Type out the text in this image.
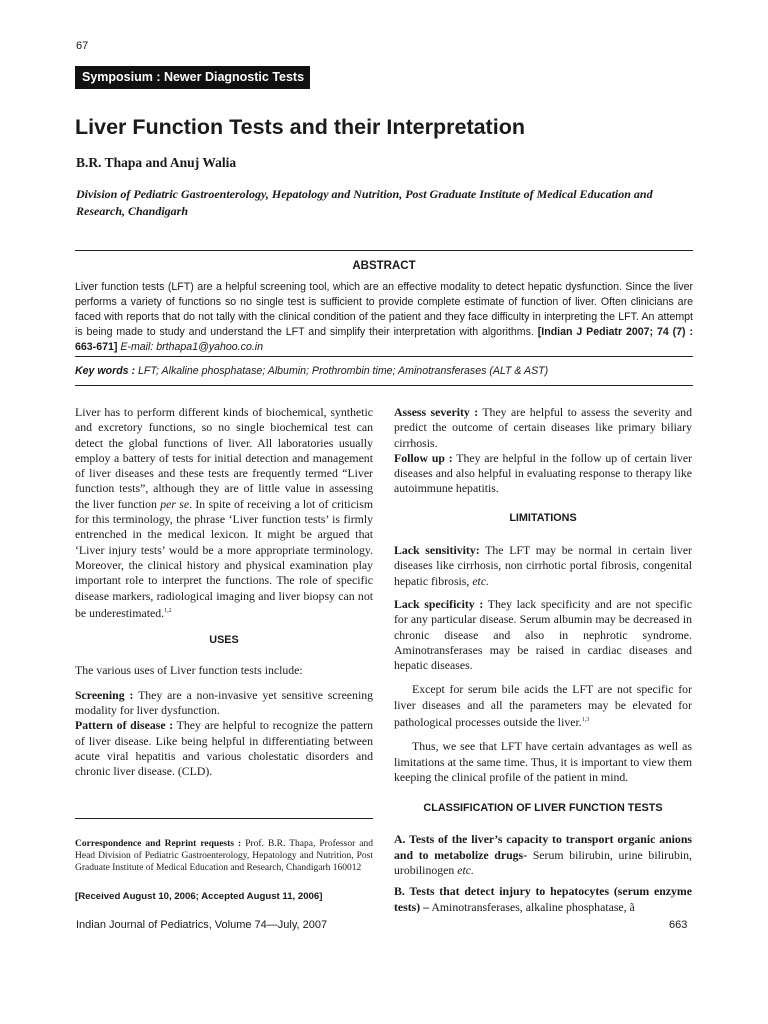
67
Symposium : Newer Diagnostic Tests
Liver Function Tests and their Interpretation
B.R. Thapa and Anuj Walia
Division of Pediatric Gastroenterology, Hepatology and Nutrition, Post Graduate Institute of Medical Education and Research, Chandigarh
ABSTRACT
Liver function tests (LFT) are a helpful screening tool, which are an effective modality to detect hepatic dysfunction. Since the liver performs a variety of functions so no single test is sufficient to provide complete estimate of function of liver. Often clinicians are faced with reports that do not tally with the clinical condition of the patient and they face difficulty in interpreting the LFT. An attempt is being made to study and understand the LFT and simplify their interpretation with algorithms. [Indian J Pediatr 2007; 74 (7) : 663-671] E-mail: brthapa1@yahoo.co.in
Key words : LFT; Alkaline phosphatase; Albumin; Prothrombin time; Aminotransferases (ALT & AST)

Liver has to perform different kinds of biochemical, synthetic and excretory functions, so no single biochemical test can detect the global functions of liver. All laboratories usually employ a battery of tests for initial detection and management of liver diseases and these tests are frequently termed “Liver function tests”, although they are of little value in assessing the liver function per se. In spite of receiving a lot of criticism for this terminology, the phrase ‘Liver function tests’ is firmly entrenched in the medical lexicon. It might be argued that ‘Liver injury tests’ would be a more appropriate terminology. Moreover, the clinical history and physical examination play important role to interpret the functions. The role of specific disease markers, radiological imaging and liver biopsy can not be underestimated.$^{1,2}$

USES

The various uses of Liver function tests include:

Screening : They are a non-invasive yet sensitive screening modality for liver dysfunction.

Pattern of disease : They are helpful to recognize the pattern of liver disease. Like being helpful in differentiating between acute viral hepatitis and various cholestatic disorders and chronic liver disease. (CLD).

Correspondence and Reprint requests : Prof. B.R. Thapa, Professor and Head Division of Pediatric Gastroenterology, Hepatology and Nutrition, Post Graduate Institute of Medical Education and Research, Chandigarh 160012
[Received August 10, 2006; Accepted August 11, 2006]

Assess severity : They are helpful to assess the severity and predict the outcome of certain diseases like primary biliary cirrhosis.

Follow up : They are helpful in the follow up of certain liver diseases and also helpful in evaluating response to therapy like autoimmune hepatitis.

LIMITATIONS

Lack sensitivity: The LFT may be normal in certain liver diseases like cirrhosis, non cirrhotic portal fibrosis, congenital hepatic fibrosis, etc.

Lack specificity : They lack specificity and are not specific for any particular disease. Serum albumin may be decreased in chronic disease and also in nephrotic syndrome. Aminotransferases may be raised in cardiac diseases and hepatic diseases.

Except for serum bile acids the LFT are not specific for liver diseases and all the parameters may be elevated for pathological processes outside the liver.$^{1,3}$

Thus, we see that LFT have certain advantages as well as limitations at the same time. Thus, it is important to view them keeping the clinical profile of the patient in mind.

CLASSIFICATION OF LIVER FUNCTION TESTS

A. Tests of the liver’s capacity to transport organic anions and to metabolize drugs- Serum bilirubin, urine bilirubin, urobilinogen etc.

B. Tests that detect injury to hepatocytes (serum enzyme tests) – Aminotransferases, alkaline phosphatase, ã

Indian Journal of Pediatrics, Volume 74—July, 2007	663
